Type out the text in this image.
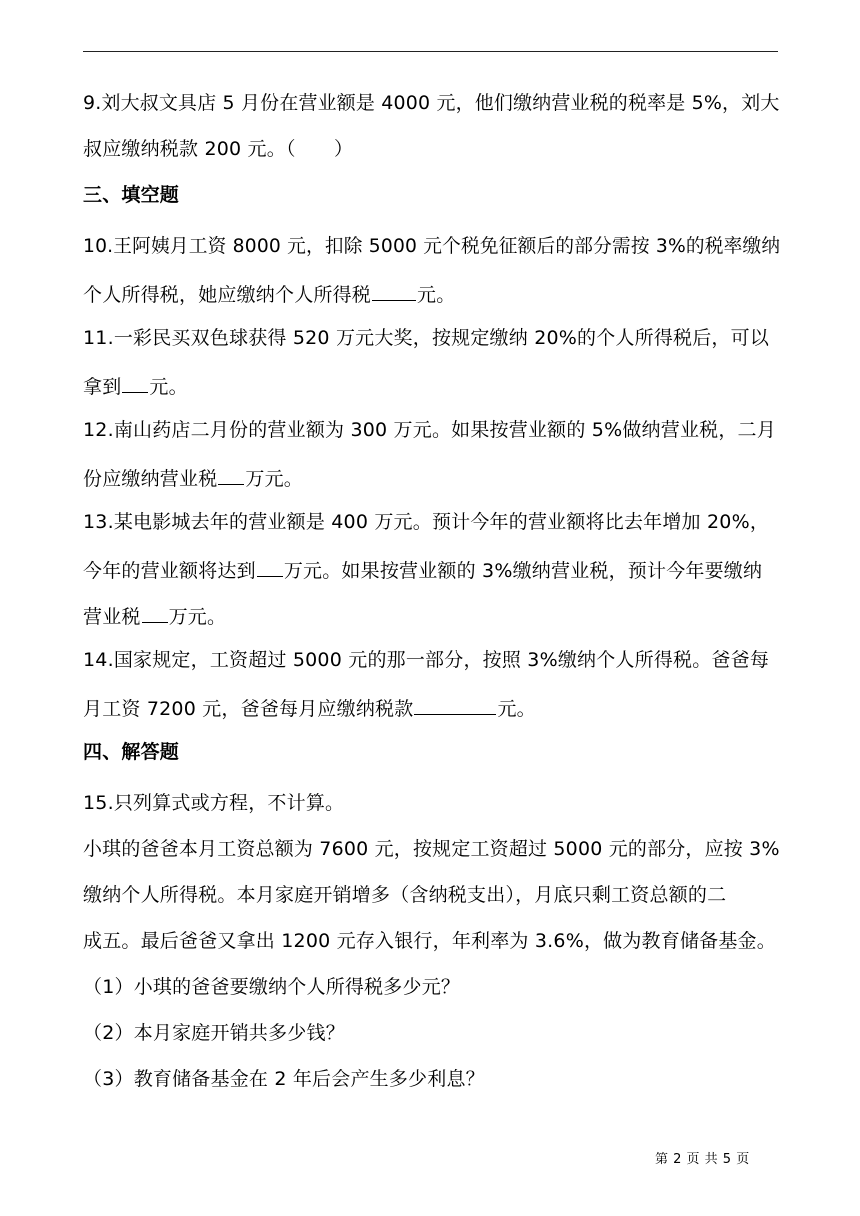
9.刘大叔文具店 5 月份在营业额是 4000 元，他们缴纳营业税的税率是 5%，刘大
叔应缴纳税款 200 元。（　　）
三、填空题
10.王阿姨月工资 8000 元，扣除 5000 元个税免征额后的部分需按 3%的税率缴纳
个人所得税，她应缴纳个人所得税 元。
11.一彩民买双色球获得 520 万元大奖，按规定缴纳 20%的个人所得税后，可以
拿到 元。
12.南山药店二月份的营业额为 300 万元。如果按营业额的 5%做纳营业税，二月
份应缴纳营业税 万元。
13.某电影城去年的营业额是 400 万元。预计今年的营业额将比去年增加 20%，
今年的营业额将达到 万元。如果按营业额的 3%缴纳营业税，预计今年要缴纳
营业税 万元。
14.国家规定，工资超过 5000 元的那一部分，按照 3%缴纳个人所得税。爸爸每
月工资 7200 元，爸爸每月应缴纳税款	元。
四、解答题
15.只列算式或方程，不计算。
小琪的爸爸本月工资总额为 7600 元，按规定工资超过 5000 元的部分，应按 3%
缴纳个人所得税。本月家庭开销增多（含纳税支出），月底只剩工资总额的二
成五。最后爸爸又拿出 1200 元存入银行，年利率为 3.6%，做为教育储备基金。
（1）小琪的爸爸要缴纳个人所得税多少元？
（2）本月家庭开销共多少钱？
（3）教育储备基金在 2 年后会产生多少利息？
第 2 页 共 5 页
